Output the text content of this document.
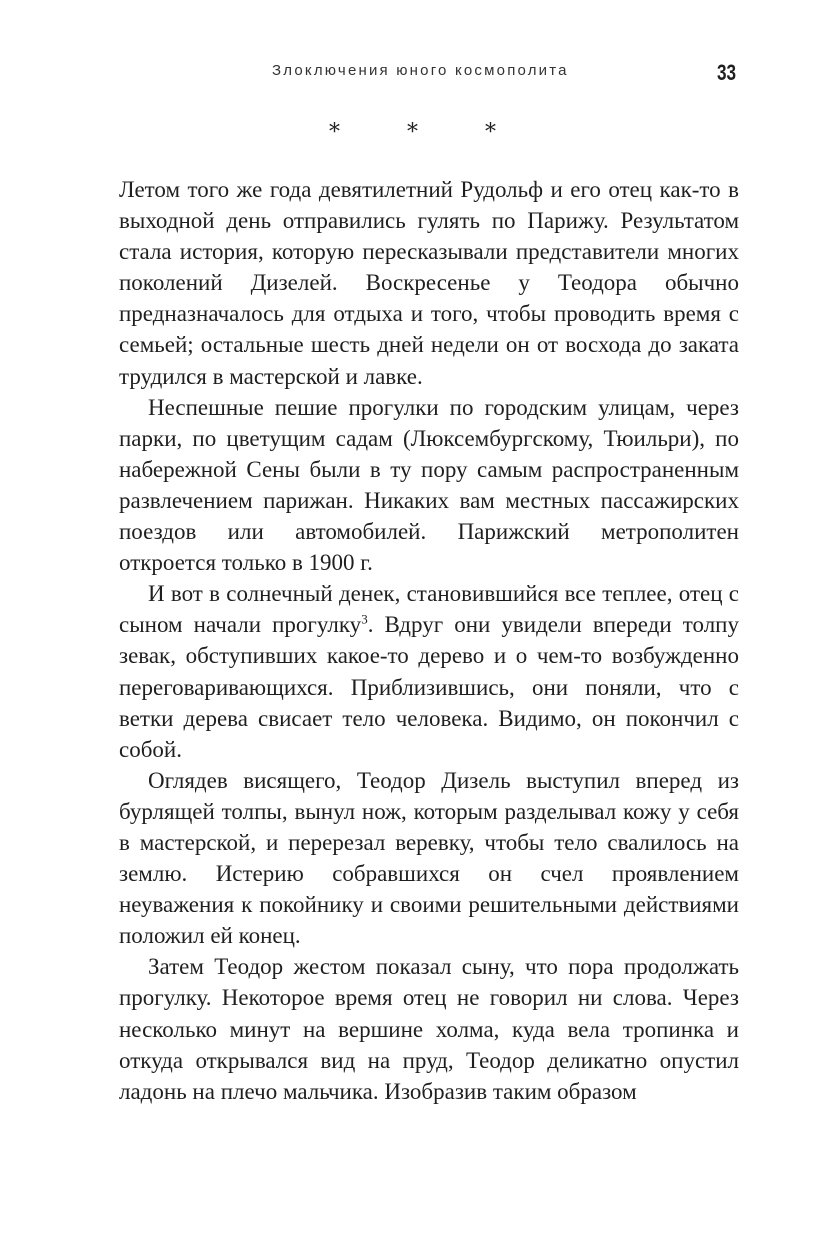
Злоключения юного космополита	33
* * *

Летом того же года девятилетний Рудольф и его отец как-то в выходной день отправились гулять по Парижу. Результатом стала история, которую пересказывали представители многих поколений Дизелей. Воскресенье у Теодора обычно предназначалось для отдыха и того, чтобы проводить время с семьей; остальные шесть дней недели он от восхода до заката трудился в мастерской и лавке.

Неспешные пешие прогулки по городским улицам, через парки, по цветущим садам (Люксембургскому, Тюильри), по набережной Сены были в ту пору самым распространенным развлечением парижан. Никаких вам местных пассажирских поездов или автомобилей. Парижский метрополитен откроется только в 1900 г.

И вот в солнечный денек, становившийся все теплее, отец с сыном начали прогулку$^3$. Вдруг они увидели впереди толпу зевак, обступивших какое-то дерево и о чем-то возбужденно переговаривающихся. Приблизившись, они поняли, что с ветки дерева свисает тело человека. Видимо, он покончил с собой.

Оглядев висящего, Теодор Дизель выступил вперед из бурлящей толпы, вынул нож, которым разделывал кожу у себя в мастерской, и перерезал веревку, чтобы тело свалилось на землю. Истерию собравшихся он счел проявлением неуважения к покойнику и своими решительными действиями положил ей конец.

Затем Теодор жестом показал сыну, что пора продолжать прогулку. Некоторое время отец не говорил ни слова. Через несколько минут на вершине холма, куда вела тропинка и откуда открывался вид на пруд, Теодор деликатно опустил ладонь на плечо мальчика. Изобразив таким образом
